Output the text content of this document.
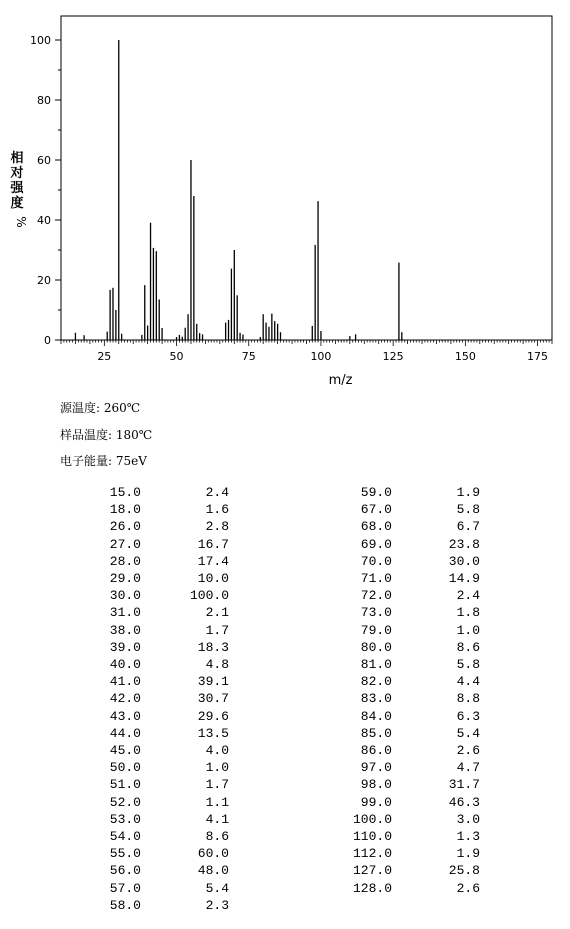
0
20
40
60
80
100
25	50	75	100	125	150	175
m/z
相
对
强
度
%
源温度: 260℃
样品温度: 180℃
电子能量: 75eV
15.0	2.4
18.0	1.6
26.0	2.8
27.0	16.7
28.0	17.4
29.0	10.0
30.0	100.0
31.0	2.1
38.0	1.7
39.0	18.3
40.0	4.8
41.0	39.1
42.0	30.7
43.0	29.6
44.0	13.5
45.0	4.0
50.0	1.0
51.0	1.7
52.0	1.1
53.0	4.1
54.0	8.6
55.0	60.0
56.0	48.0
57.0	5.4
58.0	2.3
59.0	1.9
67.0	5.8
68.0	6.7
69.0	23.8
70.0	30.0
71.0	14.9
72.0	2.4
73.0	1.8
79.0	1.0
80.0	8.6
81.0	5.8
82.0	4.4
83.0	8.8
84.0	6.3
85.0	5.4
86.0	2.6
97.0	4.7
98.0	31.7
99.0	46.3
100.0	3.0
110.0	1.3
112.0	1.9
127.0	25.8
128.0	2.6
